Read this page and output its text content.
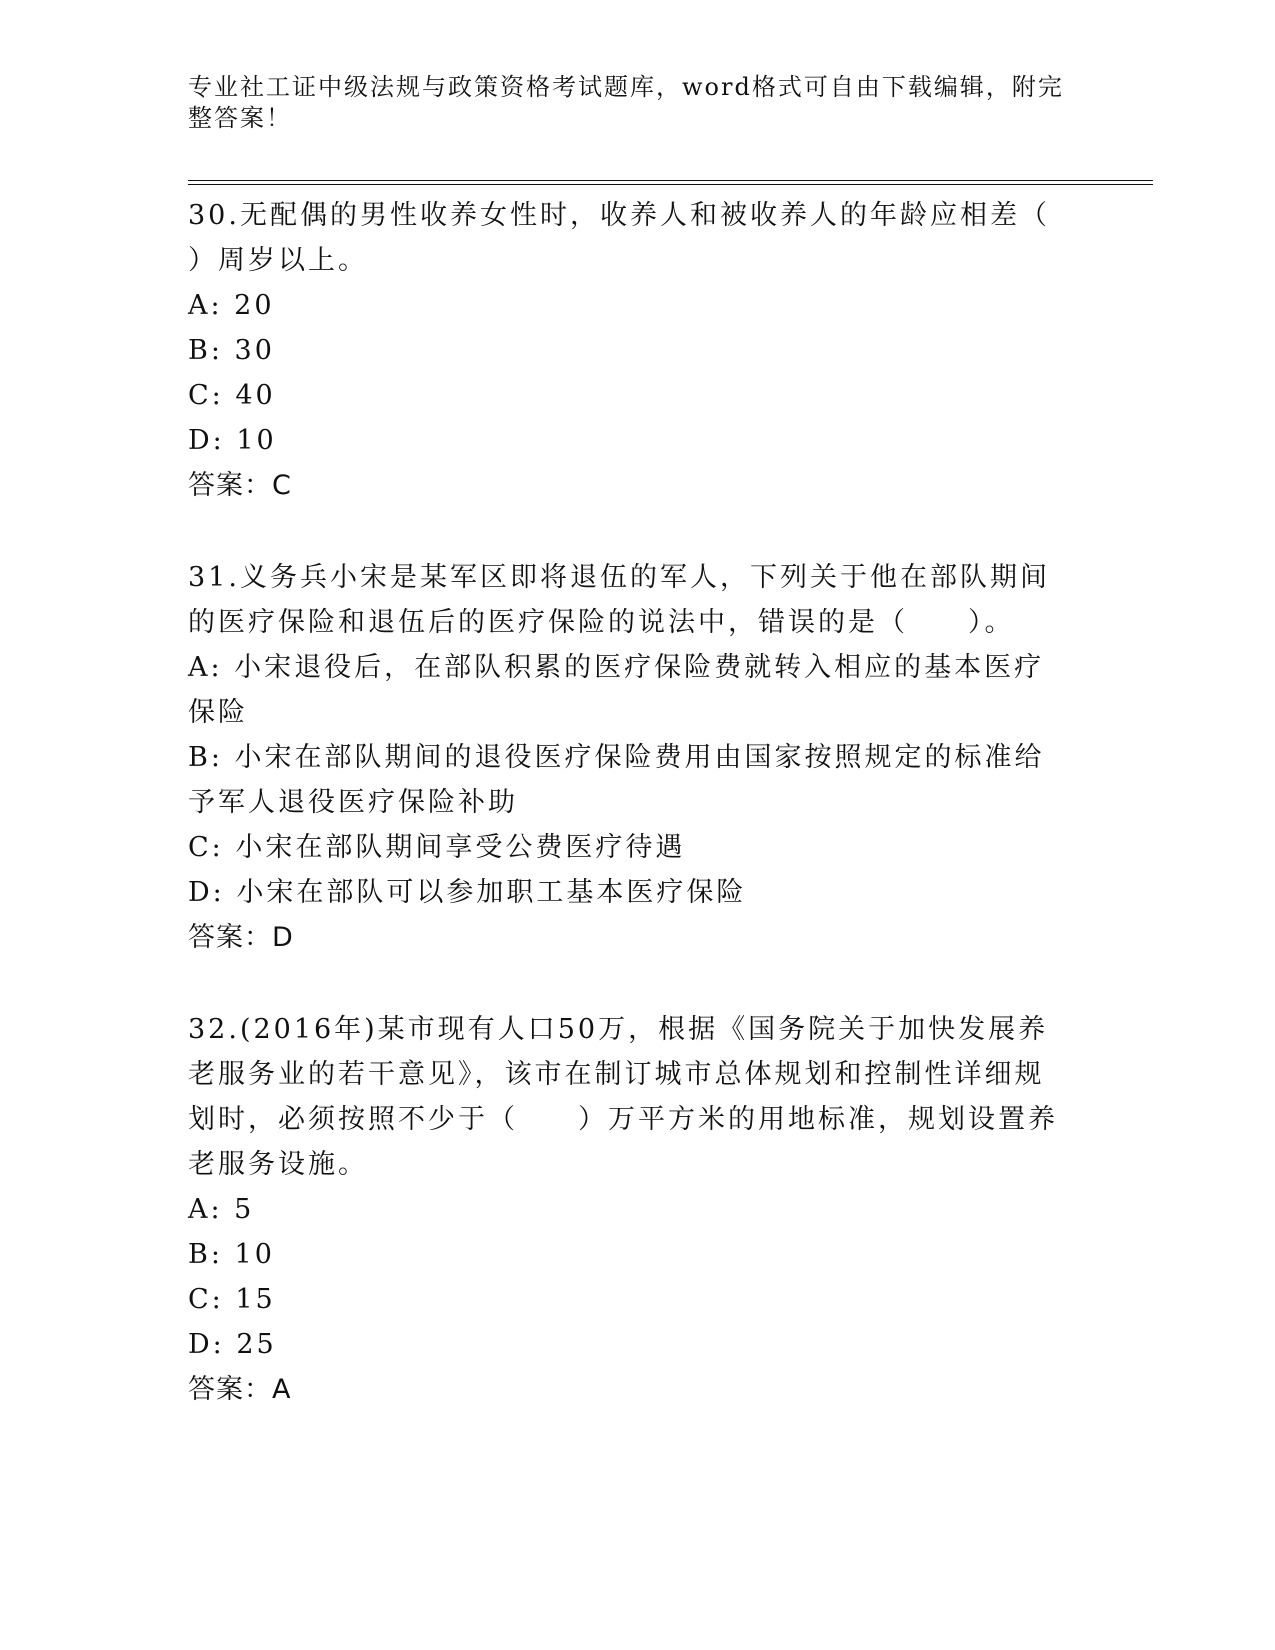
专业社工证中级法规与政策资格考试题库，word格式可自由下载编辑，附完整答案！
30.无配偶的男性收养女性时，收养人和被收养人的年龄应相差（ ）周岁以上。
A: 20
B: 30
C: 40
D: 10
答案：C
31.义务兵小宋是某军区即将退伍的军人，下列关于他在部队期间的医疗保险和退伍后的医疗保险的说法中，错误的是（　　）。
A: 小宋退役后，在部队积累的医疗保险费就转入相应的基本医疗保险
B: 小宋在部队期间的退役医疗保险费用由国家按照规定的标准给予军人退役医疗保险补助
C: 小宋在部队期间享受公费医疗待遇
D: 小宋在部队可以参加职工基本医疗保险
答案：D
32.(2016年)某市现有人口50万，根据《国务院关于加快发展养老服务业的若干意见》，该市在制订城市总体规划和控制性详细规划时，必须按照不少于（　　）万平方米的用地标准，规划设置养老服务设施。
A: 5
B: 10
C: 15
D: 25
答案：A
